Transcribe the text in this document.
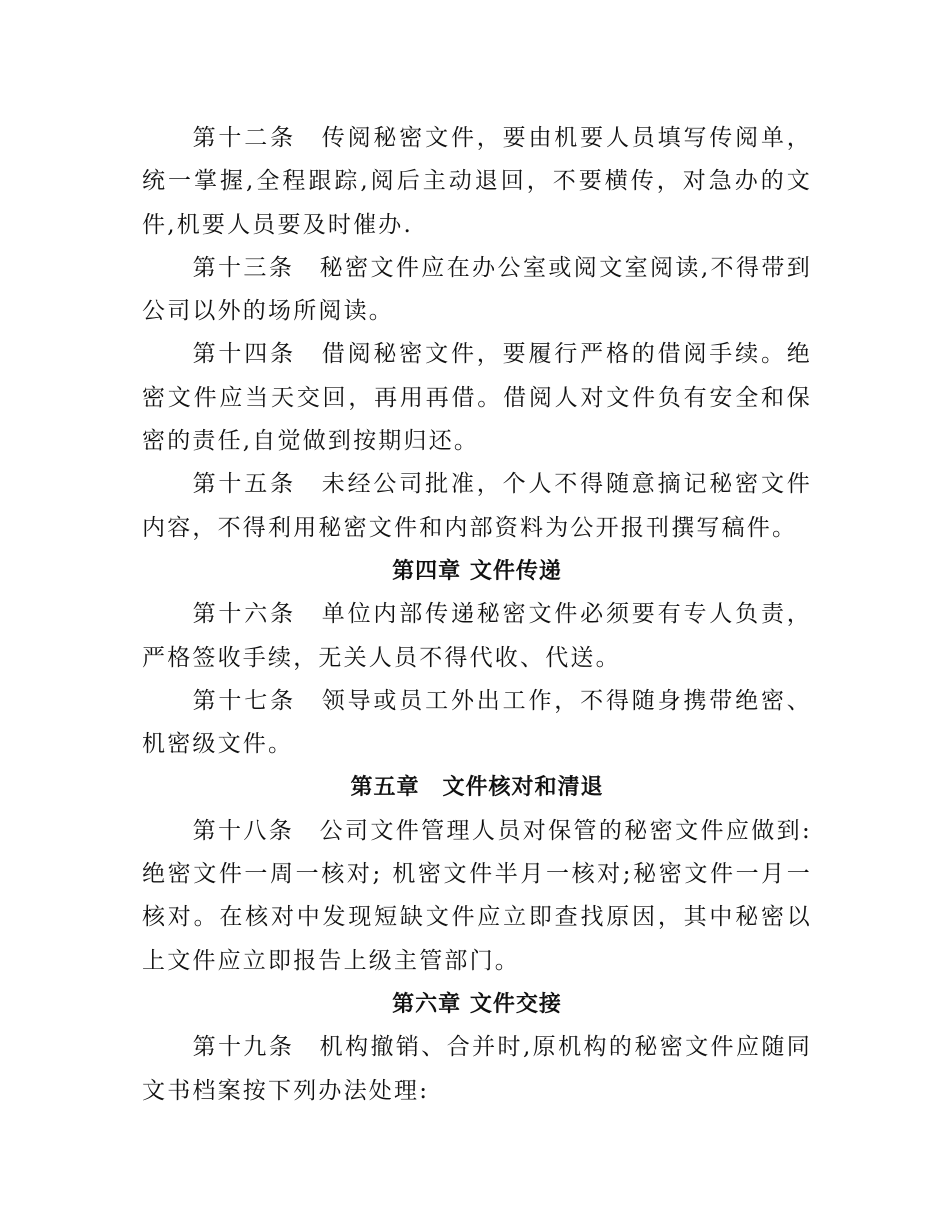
第十二条　传阅秘密文件，要由机要人员填写传阅单，统一掌握,全程跟踪,阅后主动退回，不要横传，对急办的文件,机要人员要及时催办.

第十三条　秘密文件应在办公室或阅文室阅读,不得带到公司以外的场所阅读。

第十四条　借阅秘密文件，要履行严格的借阅手续。绝密文件应当天交回，再用再借。借阅人对文件负有安全和保密的责任,自觉做到按期归还。

第十五条　未经公司批准，个人不得随意摘记秘密文件内容，不得利用秘密文件和内部资料为公开报刊撰写稿件。

第四章 文件传递

第十六条　单位内部传递秘密文件必须要有专人负责，严格签收手续，无关人员不得代收、代送。

第十七条　领导或员工外出工作，不得随身携带绝密、机密级文件。

第五章　文件核对和清退

第十八条　公司文件管理人员对保管的秘密文件应做到:绝密文件一周一核对; 机密文件半月一核对;秘密文件一月一核对。在核对中发现短缺文件应立即查找原因，其中秘密以上文件应立即报告上级主管部门。

第六章 文件交接

第十九条　机构撤销、合并时,原机构的秘密文件应随同文书档案按下列办法处理:
